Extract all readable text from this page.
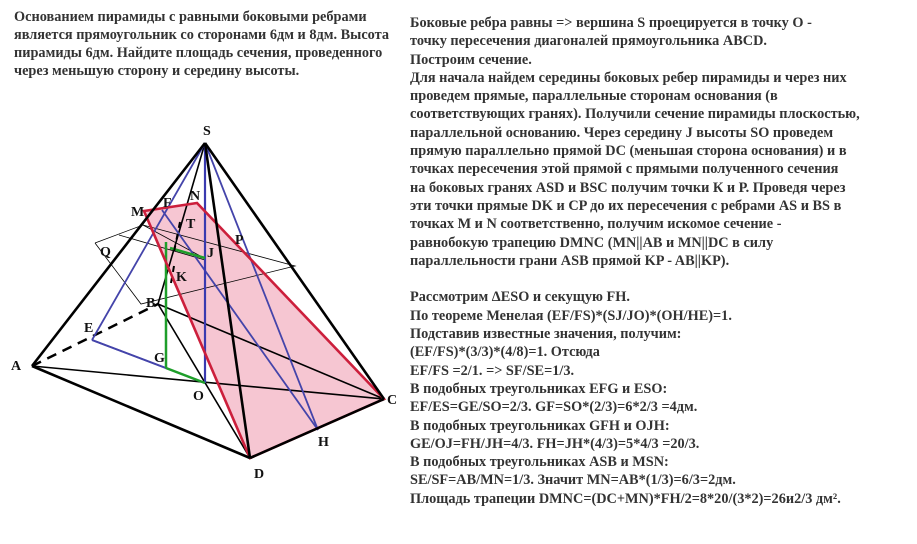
Основанием пирамиды с равными боковыми ребрами является прямоугольник со сторонами 6дм и 8дм. Высота пирамиды 6дм. Найдите площадь сечения, проведенного через меньшую сторону и середину высоты.

Боковые ребра равны => вершина S проецируется в точку O -
точку пересечения диагоналей прямоугольника ABCD.
Построим сечение.
Для начала найдем середины боковых ребер пирамиды и через них
проведем прямые, параллельные сторонам основания (в
соответствующих гранях). Получили сечение пирамиды плоскостью,
параллельной основанию. Через середину J высоты SO проведем
прямую параллельно прямой DC (меньшая сторона основания) и в
точках пересечения этой прямой с прямыми полученного сечения
на боковых гранях ASD и BSC получим точки К и Р. Проведя через
эти точки прямые DK и CP до их пересечения с ребрами AS и BS в
точках M и N соответственно, получим искомое сечение -
равнобокую трапецию DMNC (MN||AB и MN||DC в силу
параллельности грани ASB прямой KP - AB||KP).
Рассмотрим ΔESO и секущую FH.
По теореме Менелая (EF/FS)*(SJ/JO)*(OH/HE)=1.
Подставив известные значения, получим:
(EF/FS)*(3/3)*(4/8)=1. Отсюда
EF/FS =2/1. => SF/SE=1/3.
В подобных треугольниках EFG и ESO:
EF/ES=GE/SO=2/3. GF=SO*(2/3)=6*2/3 =4дм.
В подобных треугольниках GFH и OJH:
GE/OJ=FH/JH=4/3. FH=JH*(4/3)=5*4/3 =20/3.
В подобных треугольниках ASB и MSN:
SE/SF=AB/MN=1/3. Значит MN=AB*(1/3)=6/3=2дм.
Площадь трапеции DMNC=(DC+MN)*FH/2=8*20/(3*2)=26и2/3 дм².
S
M
F N
T
J
P
Q
K
B
E
G
A
O	C
H
D
